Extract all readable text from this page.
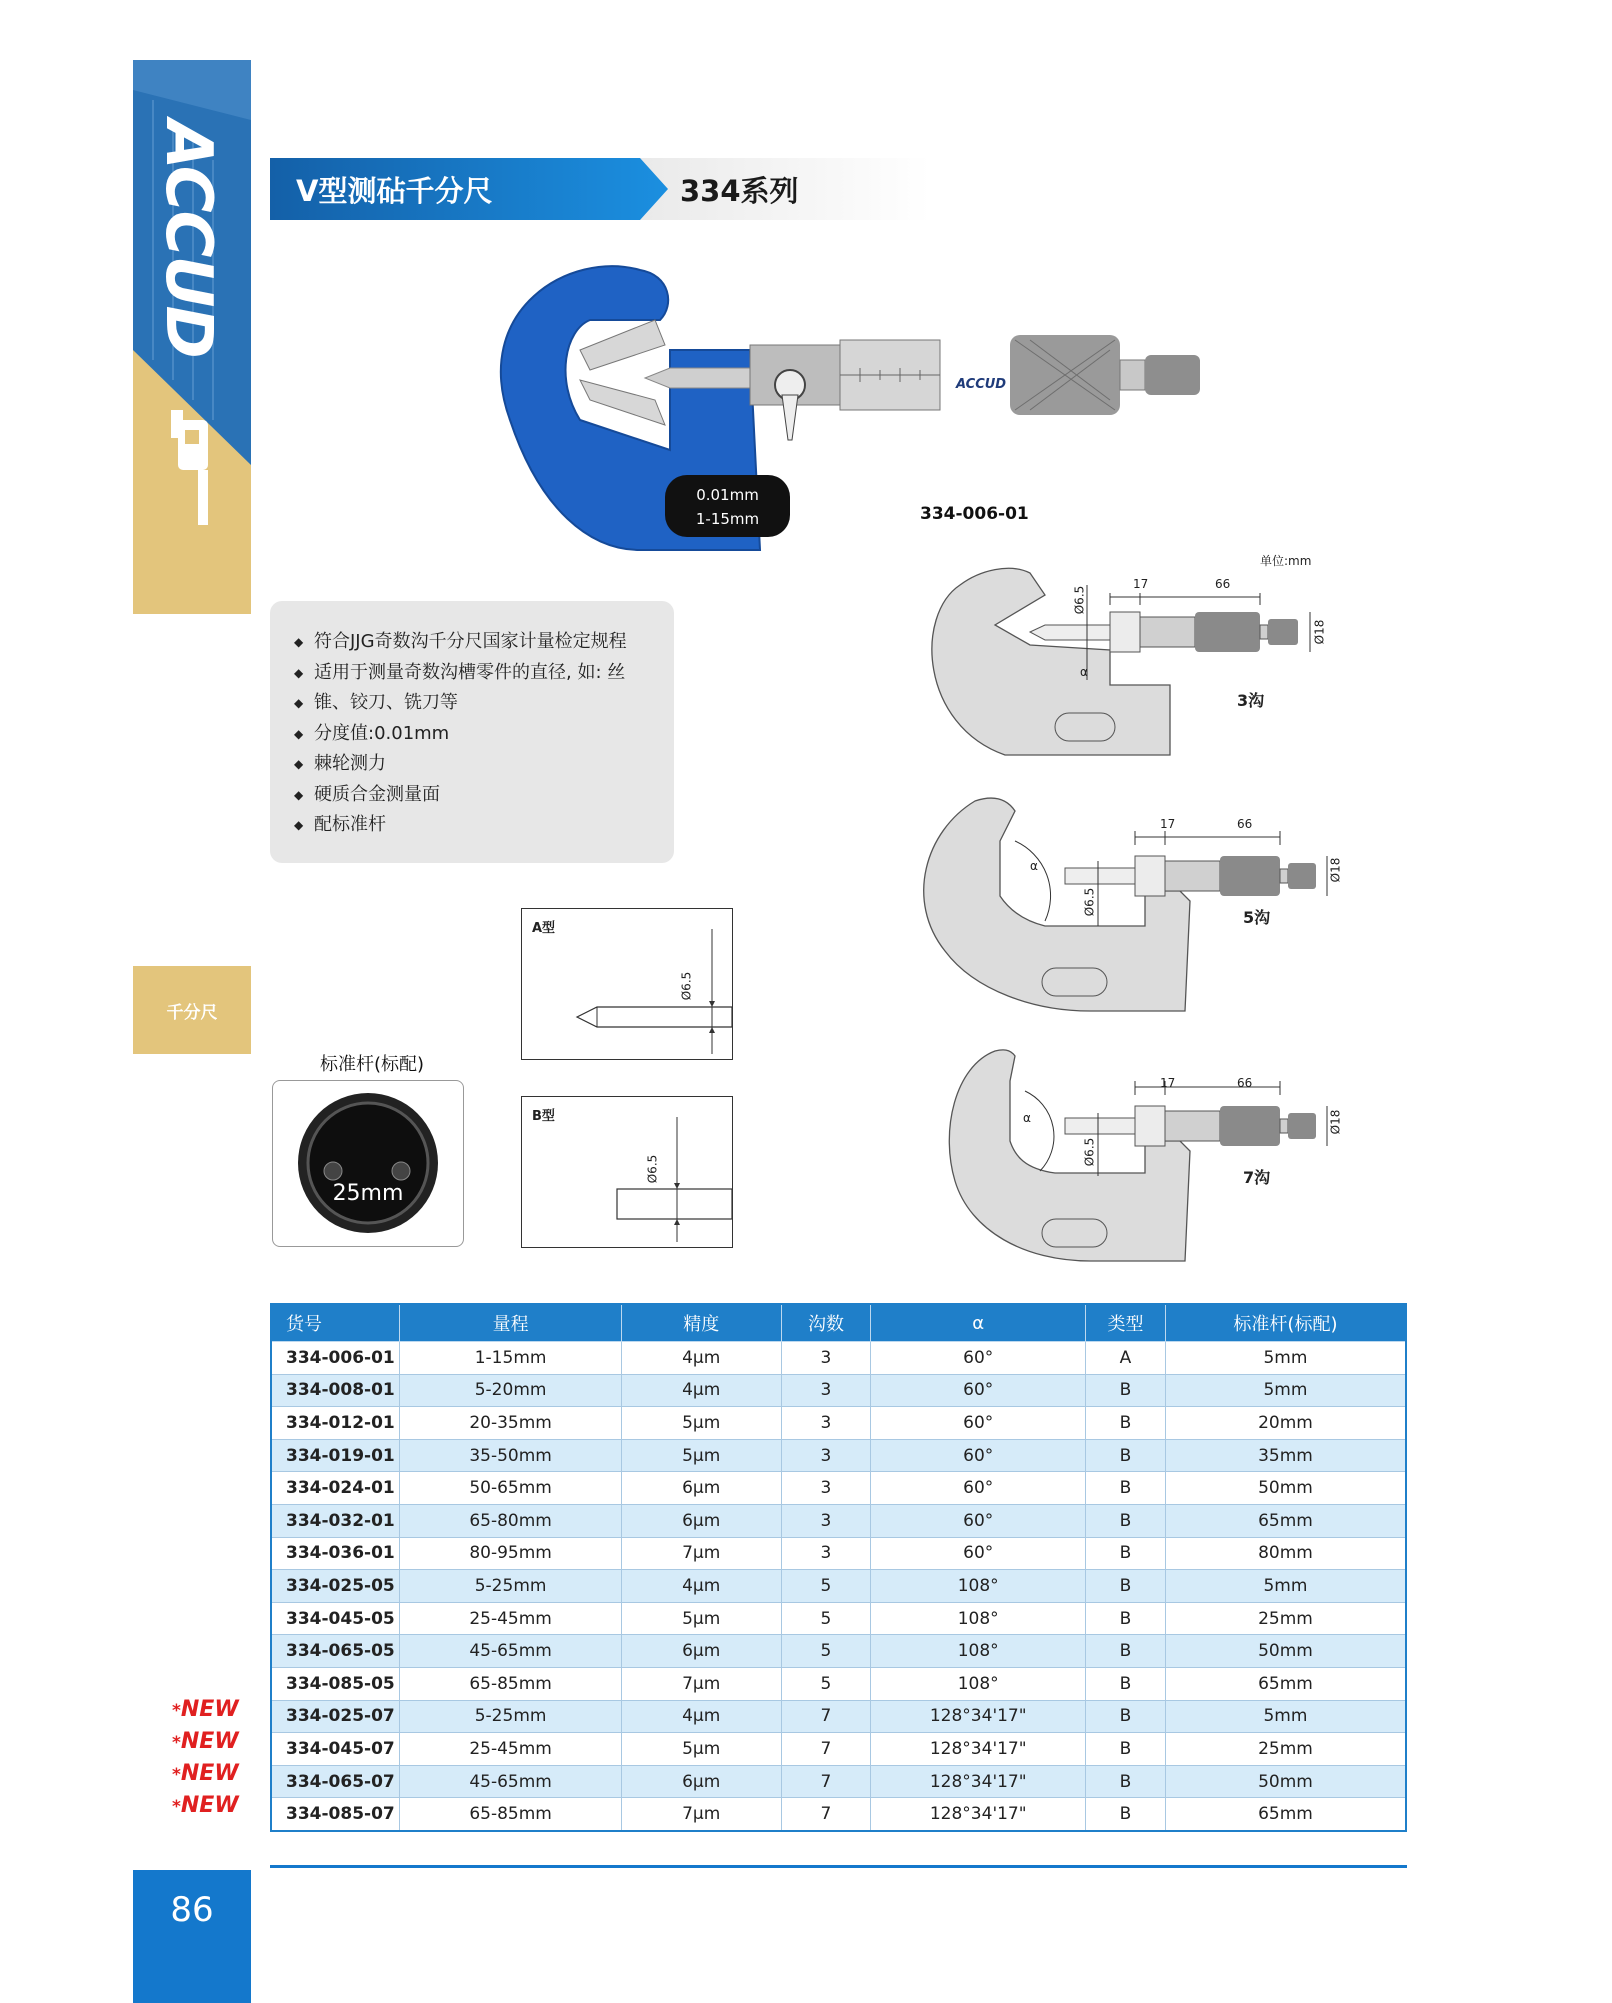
ACCUD
千分尺
86
V型测砧千分尺	334系列
ACCUD
0.01mm
1-15mm	334-006-01
◆ 符合JJG奇数沟千分尺国家计量检定规程
◆ 适用于测量奇数沟槽零件的直径, 如: 丝
◆ 锥、铰刀、铣刀等
◆ 分度值:0.01mm
◆ 棘轮测力
◆ 硬质合金测量面
◆ 配标准杆
A型
Ø6.5
B型
Ø6.5
标准杆(标配)
25mm
单位:mm
17	66
Ø18
Ø6.5
α
3沟
17	66
Ø18
Ø6.5
α
5沟
17	66
Ø18
Ø6.5
α
7沟
货号	量程	精度	沟数	α	类型	标准杆(标配)
334-006-01	1-15mm	4μm	3	60°	A	5mm
334-008-01	5-20mm	4μm	3	60°	B	5mm
334-012-01	20-35mm	5μm	3	60°	B	20mm
334-019-01	35-50mm	5μm	3	60°	B	35mm
334-024-01	50-65mm	6μm	3	60°	B	50mm
334-032-01	65-80mm	6μm	3	60°	B	65mm
334-036-01	80-95mm	7μm	3	60°	B	80mm
334-025-05	5-25mm	4μm	5	108°	B	5mm
334-045-05	25-45mm	5μm	5	108°	B	25mm
334-065-05	45-65mm	6μm	5	108°	B	50mm
334-085-05	65-85mm	7μm	5	108°	B	65mm
334-025-07	5-25mm	4μm	7	128°34'17"	B	5mm
334-045-07	25-45mm	5μm	7	128°34'17"	B	25mm
334-065-07	45-65mm	6μm	7	128°34'17"	B	50mm
334-085-07	65-85mm	7μm	7	128°34'17"	B	65mm
*NEW
*NEW
*NEW
*NEW
